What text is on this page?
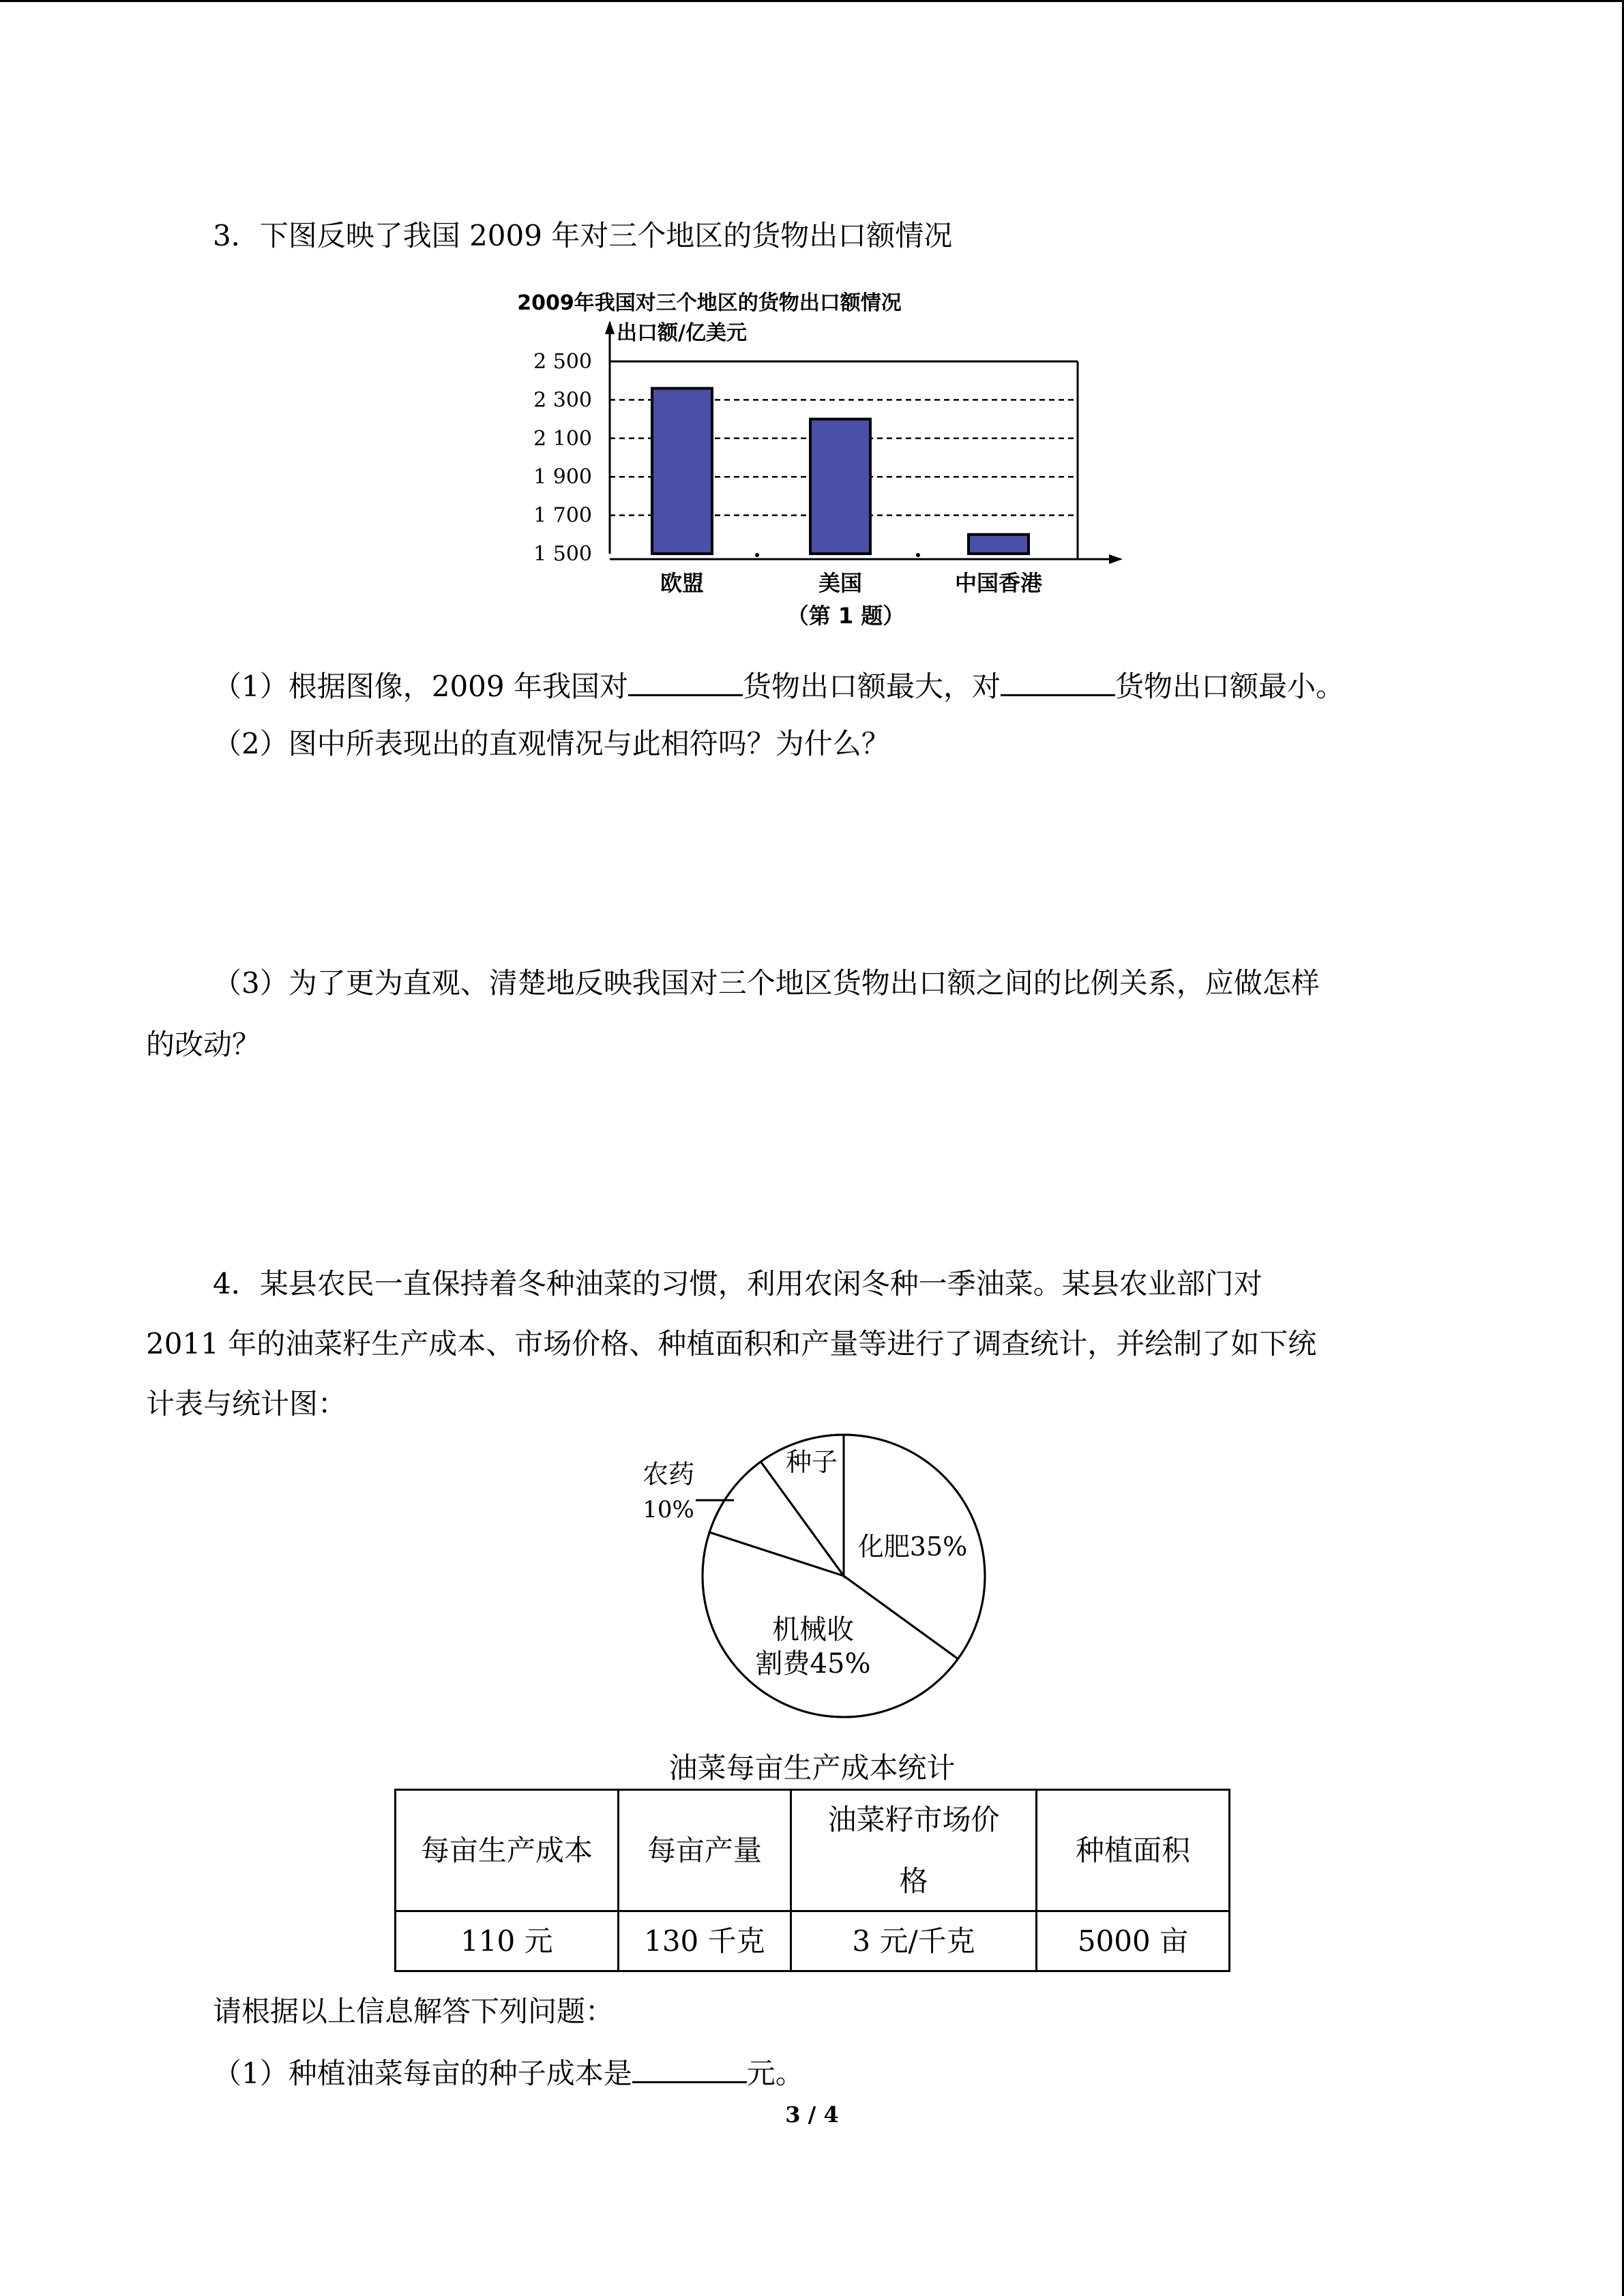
3．下图反映了我国 2009 年对三个地区的货物出口额情况
2009年我国对三个地区的货物出口额情况
出口额/亿美元
1 500
1 700
1 900
2 100
2 300
2 500
欧盟	美国	中国香港
（第 1 题）
（1）根据图像，2009 年我国对	货物出口额最大，对	货物出口额最小。
（2）图中所表现出的直观情况与此相符吗？为什么？
（3）为了更为直观、清楚地反映我国对三个地区货物出口额之间的比例关系，应做怎样
的改动？
4．某县农民一直保持着冬种油菜的习惯，利用农闲冬种一季油菜。某县农业部门对
2011 年的油菜籽生产成本、市场价格、种植面积和产量等进行了调查统计，并绘制了如下统
计表与统计图：
种子
化肥35%
机械收
割费45%
农药
10%
油菜每亩生产成本统计
每亩生产成本	每亩产量	油菜籽市场价
格	种植面积
110 元	130 千克	3 元/千克	5000 亩
请根据以上信息解答下列问题：
（1）种植油菜每亩的种子成本是	元。
3 / 4
